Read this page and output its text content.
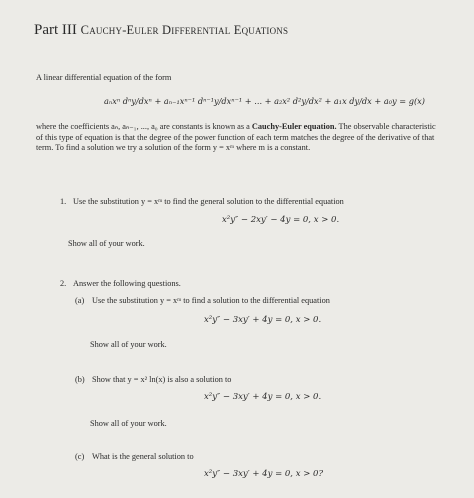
Part III Cauchy-Euler Differential Equations
A linear differential equation of the form
aₙxⁿ dⁿy/dxⁿ + aₙ₋₁xⁿ⁻¹ dⁿ⁻¹y/dxⁿ⁻¹ + ... + a₂x² d²y/dx² + a₁x dy/dx + a₀y = g(x)
where the coefficients aₙ, aₙ₋₁, ..., a₀ are constants is known as a Cauchy-Euler equation. The observable characteristic of this type of equation is that the degree of the power function of each term matches the degree of the derivative of that term. To find a solution we try a solution of the form y = xᵐ where m is a constant.
1. Use the substitution y = xᵐ to find the general solution to the differential equation
x²y″ − 2xy′ − 4y = 0, x > 0.
Show all of your work.
2. Answer the following questions.
(a) Use the substitution y = xᵐ to find a solution to the differential equation
x²y″ − 3xy′ + 4y = 0, x > 0.
Show all of your work.
(b) Show that y = x² ln(x) is also a solution to
x²y″ − 3xy′ + 4y = 0, x > 0.
Show all of your work.
(c) What is the general solution to
x²y″ − 3xy′ + 4y = 0, x > 0?
